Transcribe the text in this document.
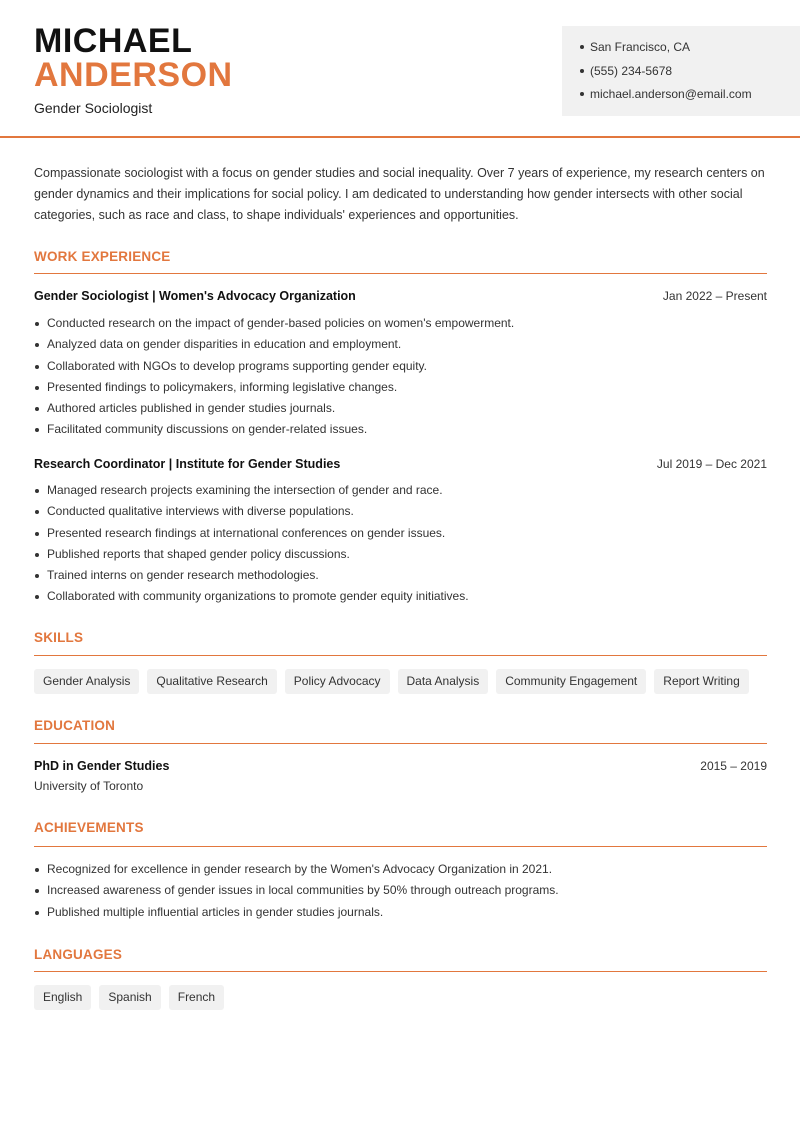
MICHAEL
ANDERSON
Gender Sociologist
San Francisco, CA
(555) 234-5678
michael.anderson@email.com
Compassionate sociologist with a focus on gender studies and social inequality. Over 7 years of experience, my research centers on gender dynamics and their implications for social policy. I am dedicated to understanding how gender intersects with other social categories, such as race and class, to shape individuals' experiences and opportunities.
WORK EXPERIENCE
Gender Sociologist | Women's Advocacy Organization	Jan 2022 – Present
Conducted research on the impact of gender-based policies on women's empowerment.
Analyzed data on gender disparities in education and employment.
Collaborated with NGOs to develop programs supporting gender equity.
Presented findings to policymakers, informing legislative changes.
Authored articles published in gender studies journals.
Facilitated community discussions on gender-related issues.
Research Coordinator | Institute for Gender Studies	Jul 2019 – Dec 2021
Managed research projects examining the intersection of gender and race.
Conducted qualitative interviews with diverse populations.
Presented research findings at international conferences on gender issues.
Published reports that shaped gender policy discussions.
Trained interns on gender research methodologies.
Collaborated with community organizations to promote gender equity initiatives.
SKILLS
Gender Analysis	Qualitative Research	Policy Advocacy	Data Analysis	Community Engagement	Report Writing
EDUCATION
PhD in Gender Studies	2015 – 2019
University of Toronto
ACHIEVEMENTS
Recognized for excellence in gender research by the Women's Advocacy Organization in 2021.
Increased awareness of gender issues in local communities by 50% through outreach programs.
Published multiple influential articles in gender studies journals.
LANGUAGES
English	Spanish	French
